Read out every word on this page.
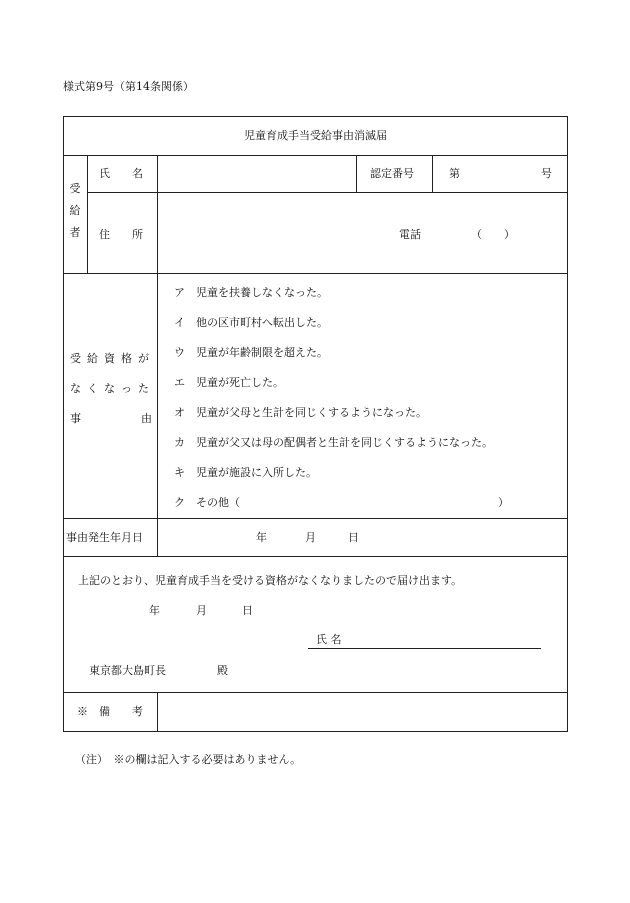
様式第9号（第14条関係）
児童育成手当受給事由消滅届
受
給
者
氏　　名	認定番号	第	号
住　　所	電話	（　　）
受給資格が
なくなった
事	由
ア　児童を扶養しなくなった。
イ　他の区市町村へ転出した。
ウ　児童が年齢制限を超えた。
エ　児童が死亡した。
オ　児童が父母と生計を同じくするようになった。
カ　児童が父又は母の配偶者と生計を同じくするようになった。
キ　児童が施設に入所した。
ク　その他（	）
事由発生年月日	年	月	日
上記のとおり、児童育成手当を受ける資格がなくなりましたので届け出ます。
年	月	日
氏 名
東京都大島町長	殿
※　備　　考
（注）　※の欄は記入する必要はありません。
